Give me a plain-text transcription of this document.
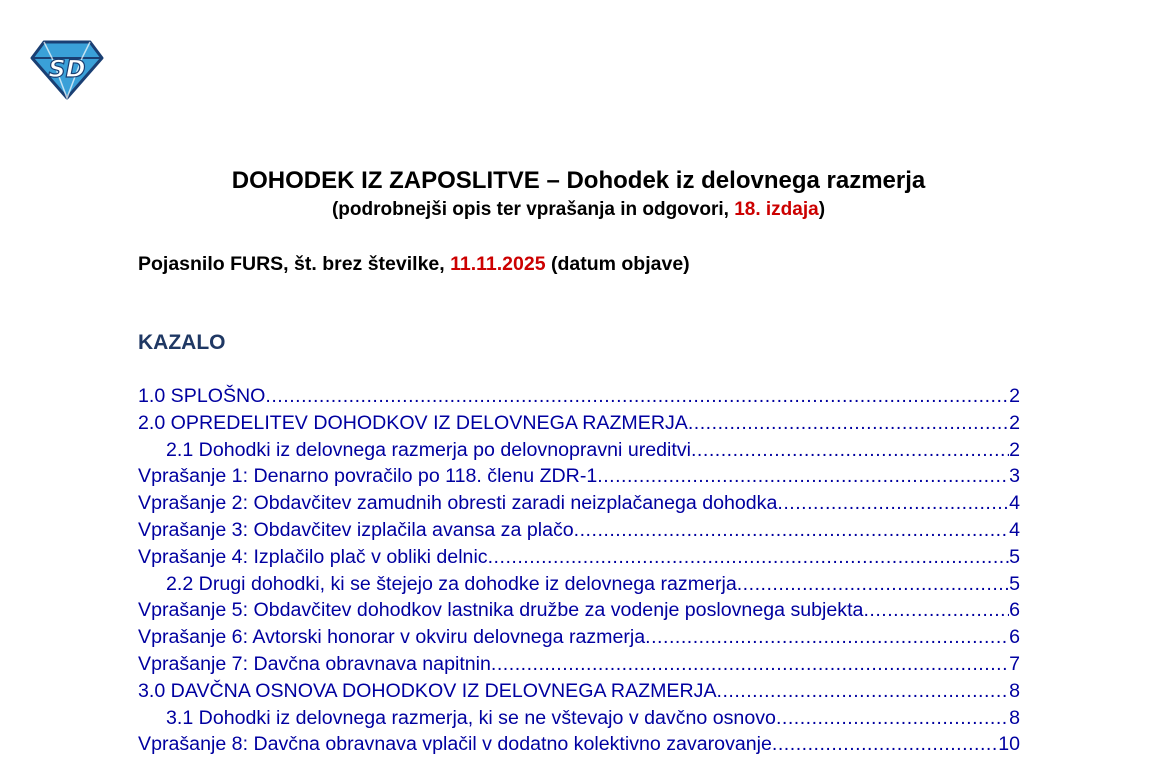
SD
DOHODEK IZ ZAPOSLITVE – Dohodek iz delovnega razmerja
(podrobnejši opis ter vprašanja in odgovori, 18. izdaja)
Pojasnilo FURS, št. brez številke, 11.11.2025 (datum objave)
KAZALO
1.0 SPLOŠNO .....	2
2.0 OPREDELITEV DOHODKOV IZ DELOVNEGA RAZMERJA .....	2
2.1 Dohodki iz delovnega razmerja po delovnopravni ureditvi .....	2
Vprašanje 1: Denarno povračilo po 118. členu ZDR-1 .....	3
Vprašanje 2: Obdavčitev zamudnih obresti zaradi neizplačanega dohodka .....	4
Vprašanje 3: Obdavčitev izplačila avansa za plačo .....	4
Vprašanje 4: Izplačilo plač v obliki delnic .....	5
2.2 Drugi dohodki, ki se štejejo za dohodke iz delovnega razmerja .....	5
Vprašanje 5: Obdavčitev dohodkov lastnika družbe za vodenje poslovnega subjekta .....	6
Vprašanje 6: Avtorski honorar v okviru delovnega razmerja .....	6
Vprašanje 7: Davčna obravnava napitnin .....	7
3.0 DAVČNA OSNOVA DOHODKOV IZ DELOVNEGA RAZMERJA .....	8
3.1 Dohodki iz delovnega razmerja, ki se ne vštevajo v davčno osnovo .....	8
Vprašanje 8: Davčna obravnava vplačil v dodatno kolektivno zavarovanje .....	10
